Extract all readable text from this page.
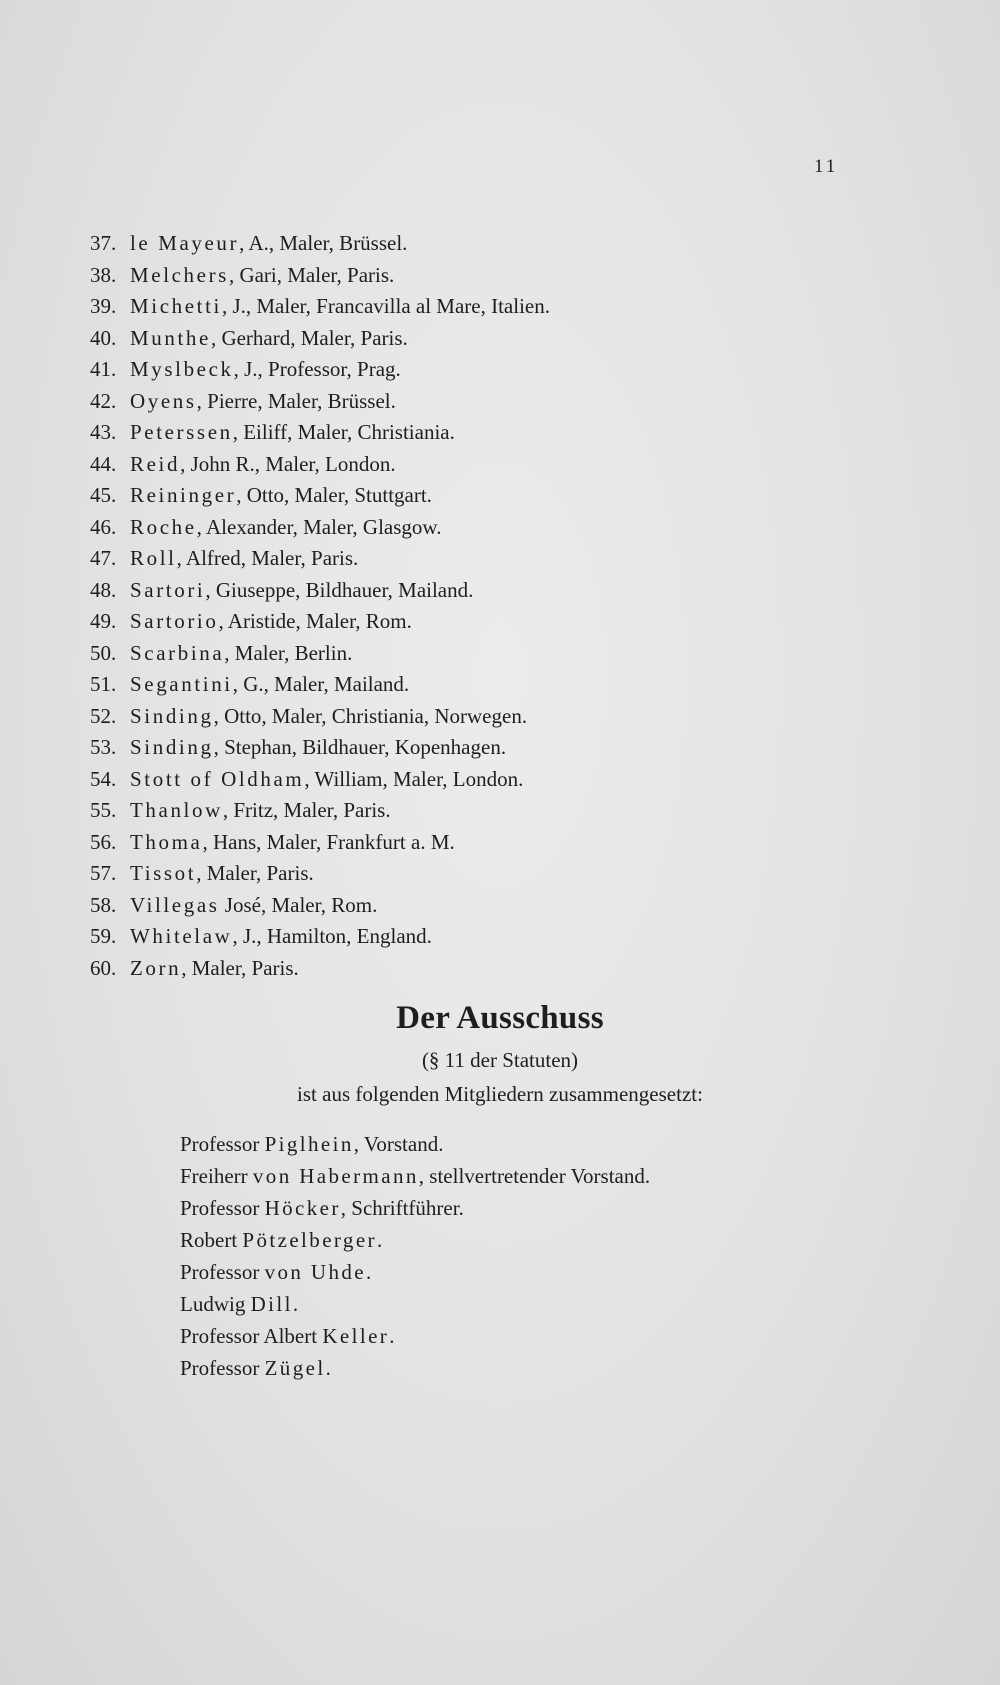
11
37. le Mayeur, A., Maler, Brüssel.
38. Melchers, Gari, Maler, Paris.
39. Michetti, J., Maler, Francavilla al Mare, Italien.
40. Munthe, Gerhard, Maler, Paris.
41. Myslbeck, J., Professor, Prag.
42. Oyens, Pierre, Maler, Brüssel.
43. Peterssen, Eiliff, Maler, Christiania.
44. Reid, John R., Maler, London.
45. Reininger, Otto, Maler, Stuttgart.
46. Roche, Alexander, Maler, Glasgow.
47. Roll, Alfred, Maler, Paris.
48. Sartori, Giuseppe, Bildhauer, Mailand.
49. Sartorio, Aristide, Maler, Rom.
50. Scarbina, Maler, Berlin.
51. Segantini, G., Maler, Mailand.
52. Sinding, Otto, Maler, Christiania, Norwegen.
53. Sinding, Stephan, Bildhauer, Kopenhagen.
54. Stott of Oldham, William, Maler, London.
55. Thanlow, Fritz, Maler, Paris.
56. Thoma, Hans, Maler, Frankfurt a. M.
57. Tissot, Maler, Paris.
58. Villegas José, Maler, Rom.
59. Whitelaw, J., Hamilton, England.
60. Zorn, Maler, Paris.
Der Ausschuss
(§ 11 der Statuten)
ist aus folgenden Mitgliedern zusammengesetzt:
Professor Piglhein, Vorstand.
Freiherr von Habermann, stellvertretender Vorstand.
Professor Höcker, Schriftführer.
Robert Pötzelberger.
Professor von Uhde.
Ludwig Dill.
Professor Albert Keller.
Professor Zügel.
